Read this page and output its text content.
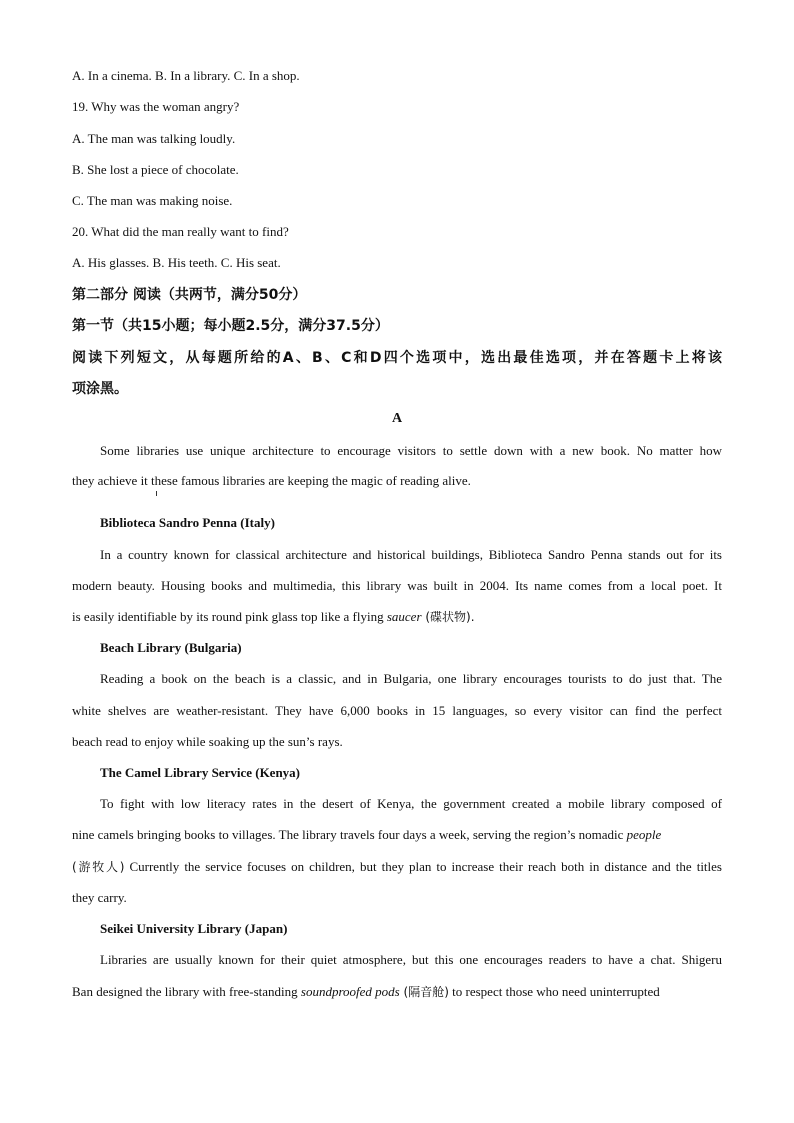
A. In a cinema. B. In a library. C. In a shop.
19. Why was the woman angry?
A. The man was talking loudly.
B. She lost a piece of chocolate.
C. The man was making noise.
20. What did the man really want to find?
A. His glasses. B. His teeth. C. His seat.
第二部分 阅读（共两节，满分50分）
第一节（共15小题；每小题2.5分，满分37.5分）
阅读下列短文，从每题所给的A、B、C和D四个选项中，选出最佳选项，并在答题卡上将该
项涂黑。
A
Some libraries use unique architecture to encourage visitors to settle down with a new book. No matter how
they achieve it these famous libraries are keeping the magic of reading alive.
Biblioteca Sandro Penna (Italy)
In a country known for classical architecture and historical buildings, Biblioteca Sandro Penna stands out for its
modern beauty. Housing books and multimedia, this library was built in 2004. Its name comes from a local poet. It
is easily identifiable by its round pink glass top like a flying saucer (碟状物).
Beach Library (Bulgaria)
Reading a book on the beach is a classic, and in Bulgaria, one library encourages tourists to do just that. The
white shelves are weather-resistant. They have 6,000 books in 15 languages, so every visitor can find the perfect
beach read to enjoy while soaking up the sun’s rays.
The Camel Library Service (Kenya)
To fight with low literacy rates in the desert of Kenya, the government created a mobile library composed of
nine camels bringing books to villages. The library travels four days a week, serving the region’s nomadic people
(游牧人) Currently the service focuses on children, but they plan to increase their reach both in distance and the titles
they carry.
Seikei University Library (Japan)
Libraries are usually known for their quiet atmosphere, but this one encourages readers to have a chat. Shigeru
Ban designed the library with free-standing soundproofed pods (隔音舱) to respect those who need uninterrupted
